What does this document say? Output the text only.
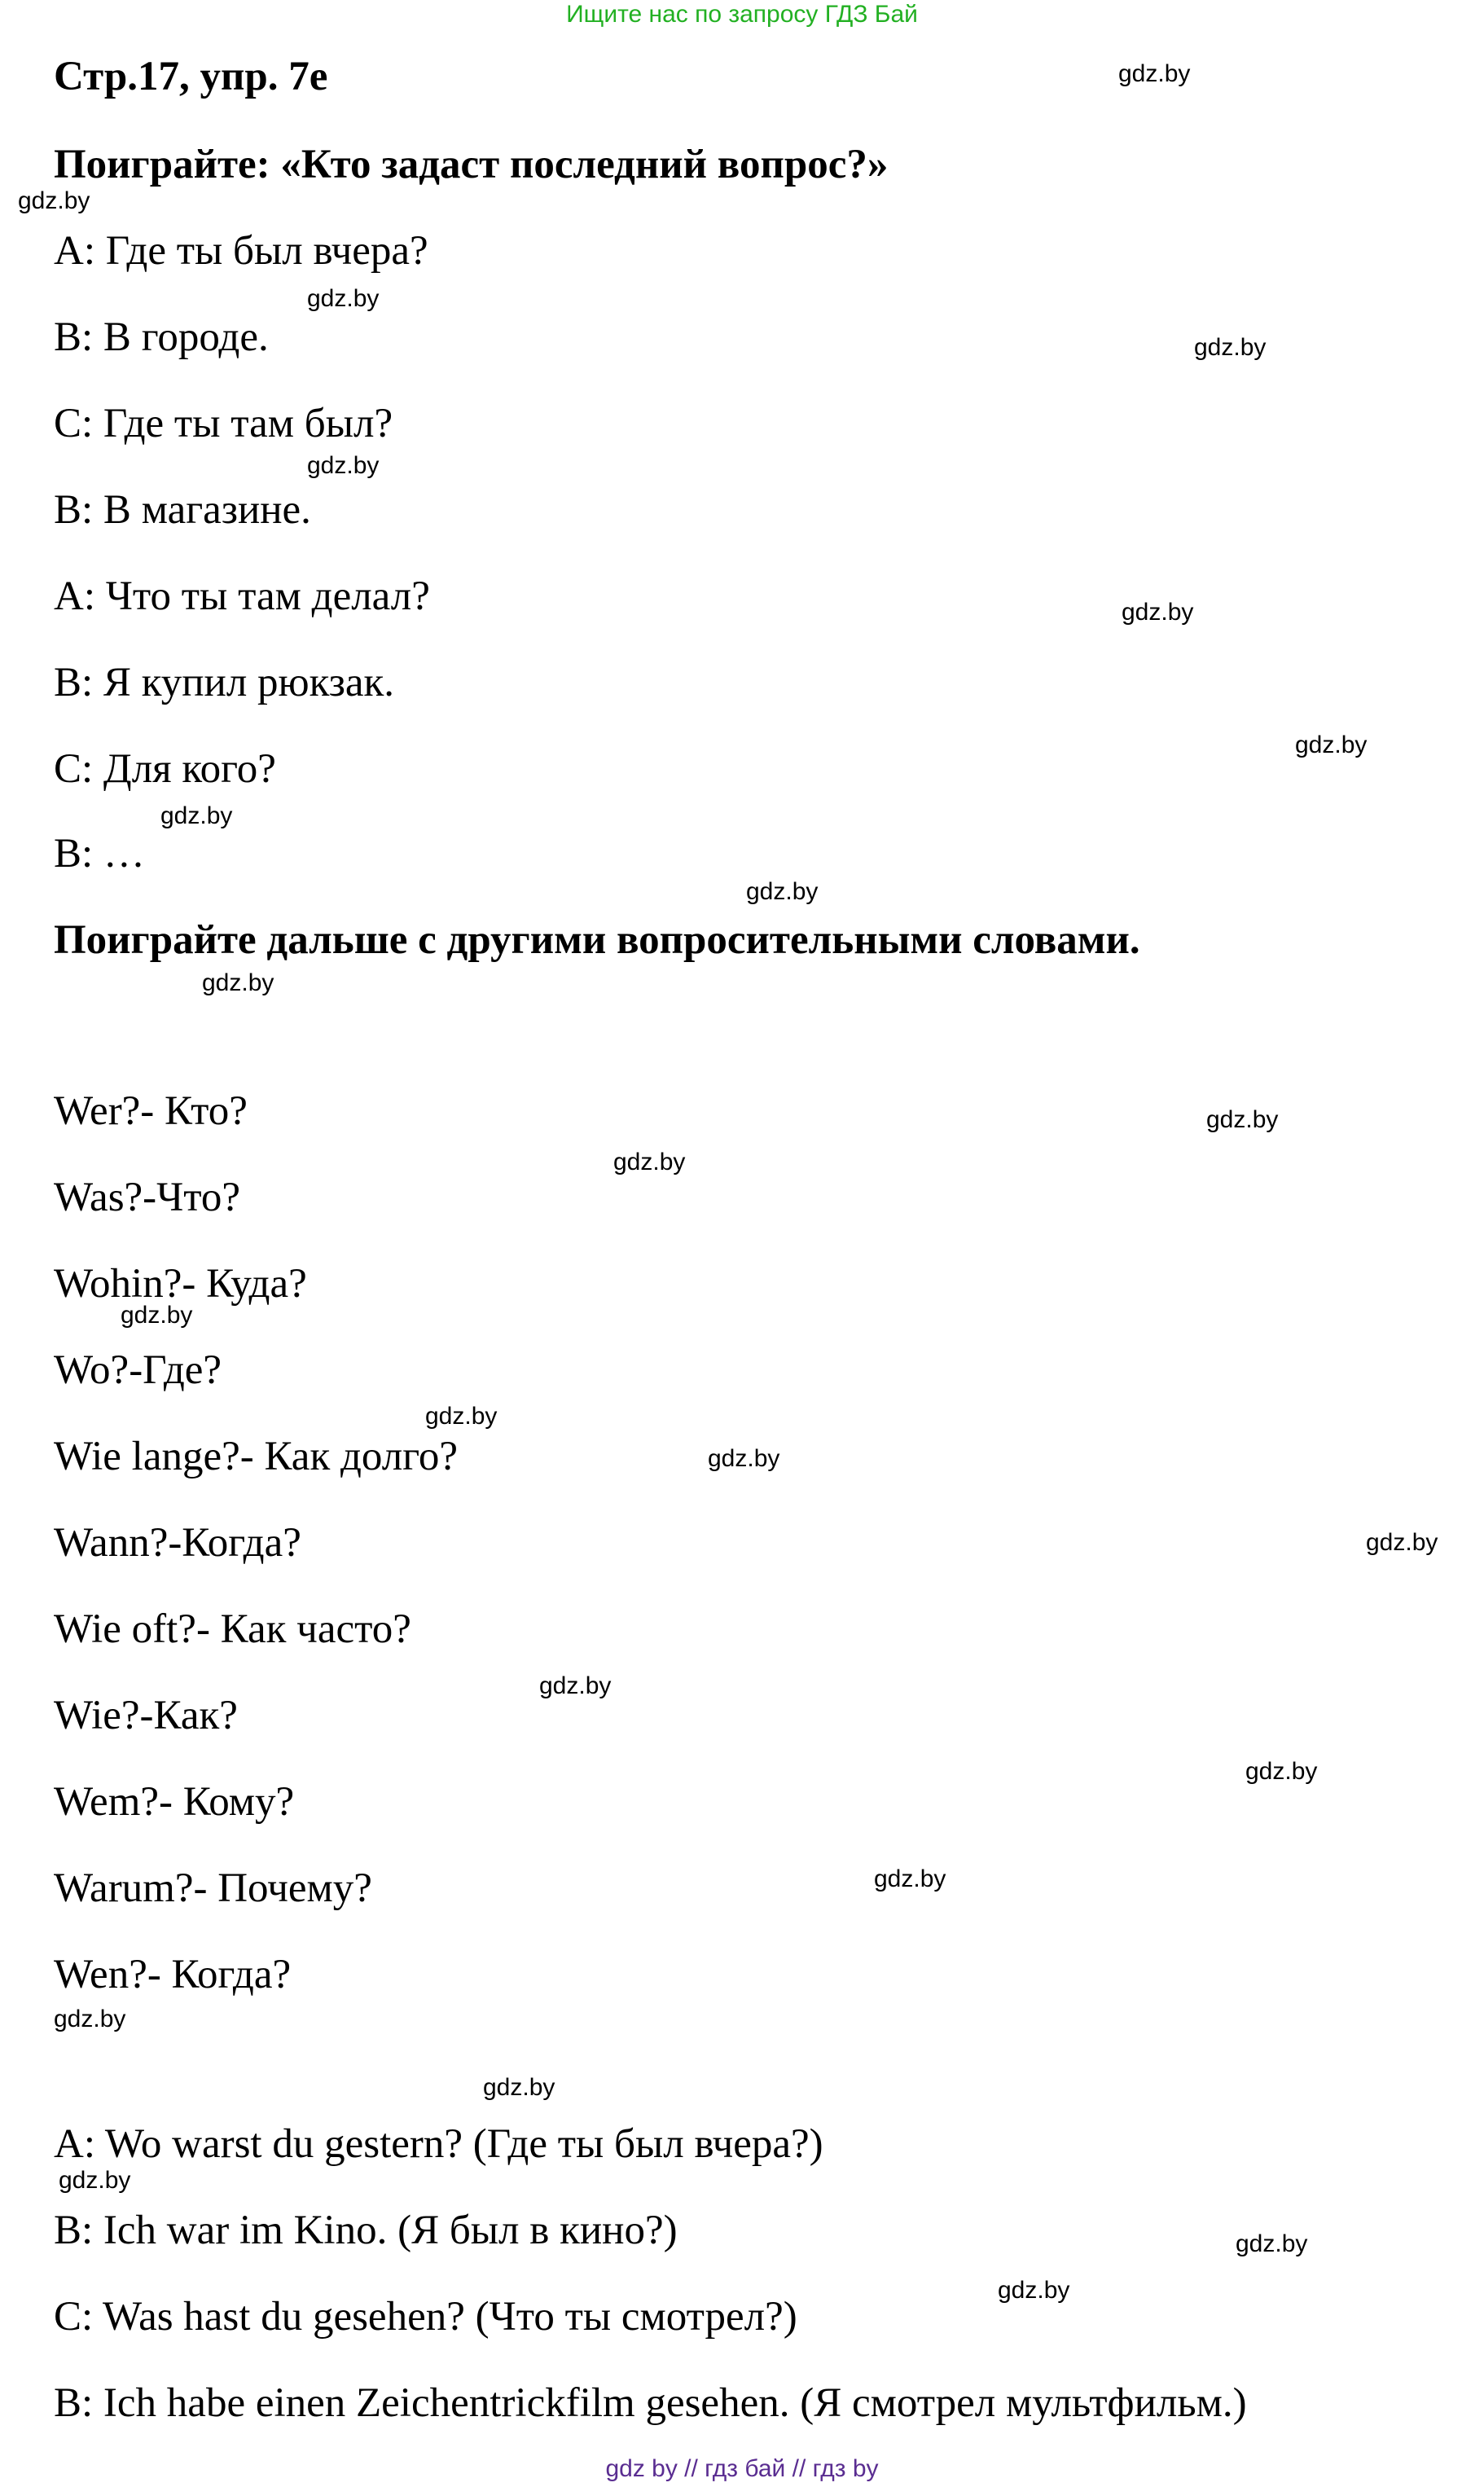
Ищите нас по запросу ГДЗ Бай
Стр.17, упр. 7е
Поиграйте: «Кто задаст последний вопрос?»
А: Где ты был вчера?
В: В городе.
С: Где ты там был?
В: В магазине.
А: Что ты там делал?
В: Я купил рюкзак.
С: Для кого?
В: …
Поиграйте дальше с другими вопросительными словами.
Wer?- Кто?
Was?-Что?
Wohin?- Куда?
Wo?-Где?
Wie lange?- Как долго?
Wann?-Когда?
Wie oft?- Как часто?
Wie?-Как?
Wem?- Кому?
Warum?- Почему?
Wen?- Когда?
A: Wo warst du gestern? (Где ты был вчера?)
B: Ich war im Kino. (Я был в кино?)
C: Was hast du gesehen? (Что ты смотрел?)
B: Ich habe einen Zeichentrickfilm gesehen. (Я смотрел мультфильм.)
gdz.by
gdz.by
gdz.by
gdz.by
gdz.by
gdz.by
gdz.by
gdz.by
gdz.by
gdz.by
gdz.by
gdz.by
gdz.by
gdz.by
gdz.by
gdz.by
gdz.by
gdz.by
gdz.by
gdz.by
gdz.by
gdz.by
gdz.by
gdz.by
gdz by // гдз бай // гдз by
